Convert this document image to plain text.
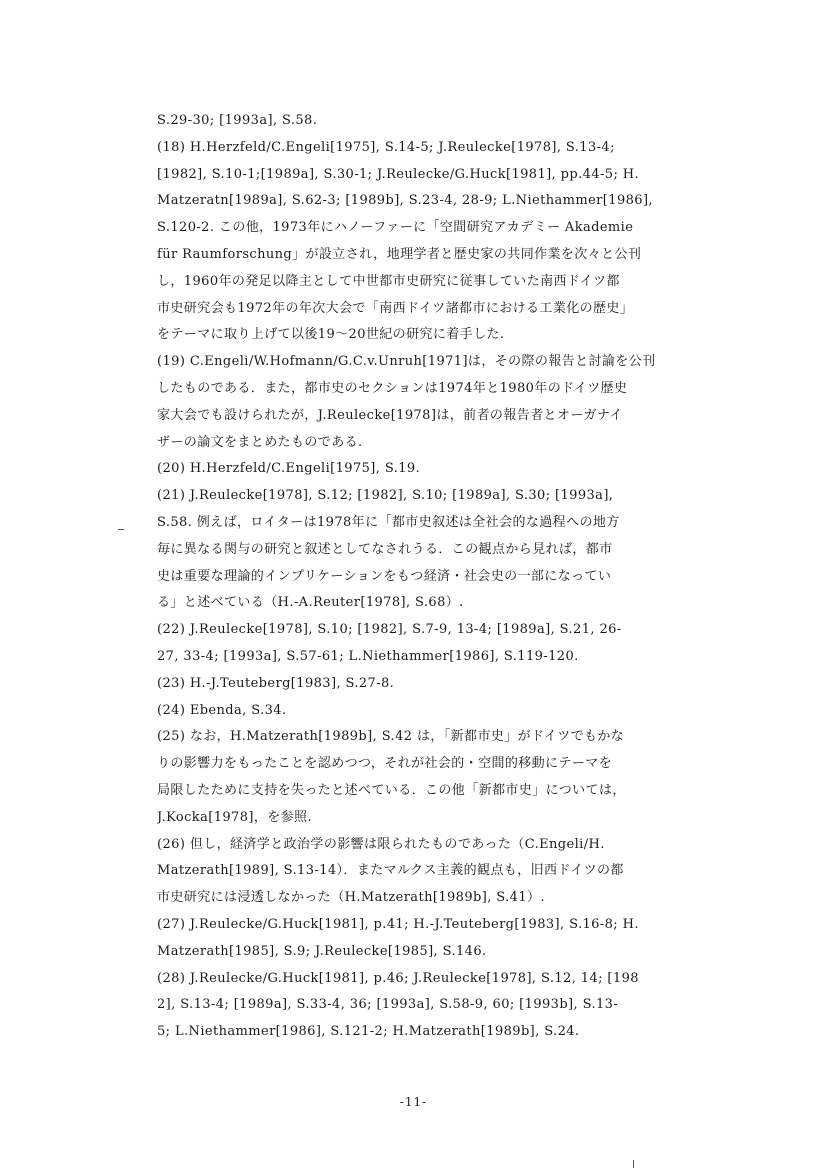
S.29-30; [1993a], S.58.
(18) H.Herzfeld/C.Engeli[1975], S.14-5; J.Reulecke[1978], S.13-4;
[1982], S.10-1;[1989a], S.30-1; J.Reulecke/G.Huck[1981], pp.44-5; H.
Matzeratn[1989a], S.62-3; [1989b], S.23-4, 28-9; L.Niethammer[1986],
S.120-2. この他，1973年にハノーファーに「空間研究アカデミー Akademie
für Raumforschung」が設立され，地理学者と歴史家の共同作業を次々と公刊
し，1960年の発足以降主として中世都市史研究に従事していた南西ドイツ都
市史研究会も1972年の年次大会で「南西ドイツ諸都市における工業化の歴史」
をテーマに取り上げて以後19～20世紀の研究に着手した.
(19) C.Engeli/W.Hofmann/G.C.v.Unruh[1971]は，その際の報告と討論を公刊
したものである．また，都市史のセクションは1974年と1980年のドイツ歴史
家大会でも設けられたが，J.Reulecke[1978]は，前者の報告者とオーガナイ
ザーの論文をまとめたものである.
(20) H.Herzfeld/C.Engeli[1975], S.19.
(21) J.Reulecke[1978], S.12; [1982], S.10; [1989a], S.30; [1993a],
S.58. 例えば，ロイターは1978年に「都市史叙述は全社会的な過程への地方
毎に異なる関与の研究と叙述としてなされうる．この観点から見れば，都市
史は重要な理論的インプリケーションをもつ経済・社会史の一部になってい
る」と述べている（H.-A.Reuter[1978], S.68）.
(22) J.Reulecke[1978], S.10; [1982], S.7-9, 13-4; [1989a], S.21, 26-
27, 33-4; [1993a], S.57-61; L.Niethammer[1986], S.119-120.
(23) H.-J.Teuteberg[1983], S.27-8.
(24) Ebenda, S.34.
(25) なお，H.Matzerath[1989b], S.42 は，「新都市史」がドイツでもかな
りの影響力をもったことを認めつつ，それが社会的・空間的移動にテーマを
局限したために支持を失ったと述べている．この他「新都市史」については，
J.Kocka[1978]，を参照.
(26) 但し，経済学と政治学の影響は限られたものであった（C.Engeli/H.
Matzerath[1989], S.13-14）．またマルクス主義的観点も，旧西ドイツの都
市史研究には浸透しなかった（H.Matzerath[1989b], S.41）.
(27) J.Reulecke/G.Huck[1981], p.41; H.-J.Teuteberg[1983], S.16-8; H.
Matzerath[1985], S.9; J.Reulecke[1985], S.146.
(28) J.Reulecke/G.Huck[1981], p.46; J.Reulecke[1978], S.12, 14; [198
2], S.13-4; [1989a], S.33-4, 36; [1993a], S.58-9, 60; [1993b], S.13-
5; L.Niethammer[1986], S.121-2; H.Matzerath[1989b], S.24.
-11-
